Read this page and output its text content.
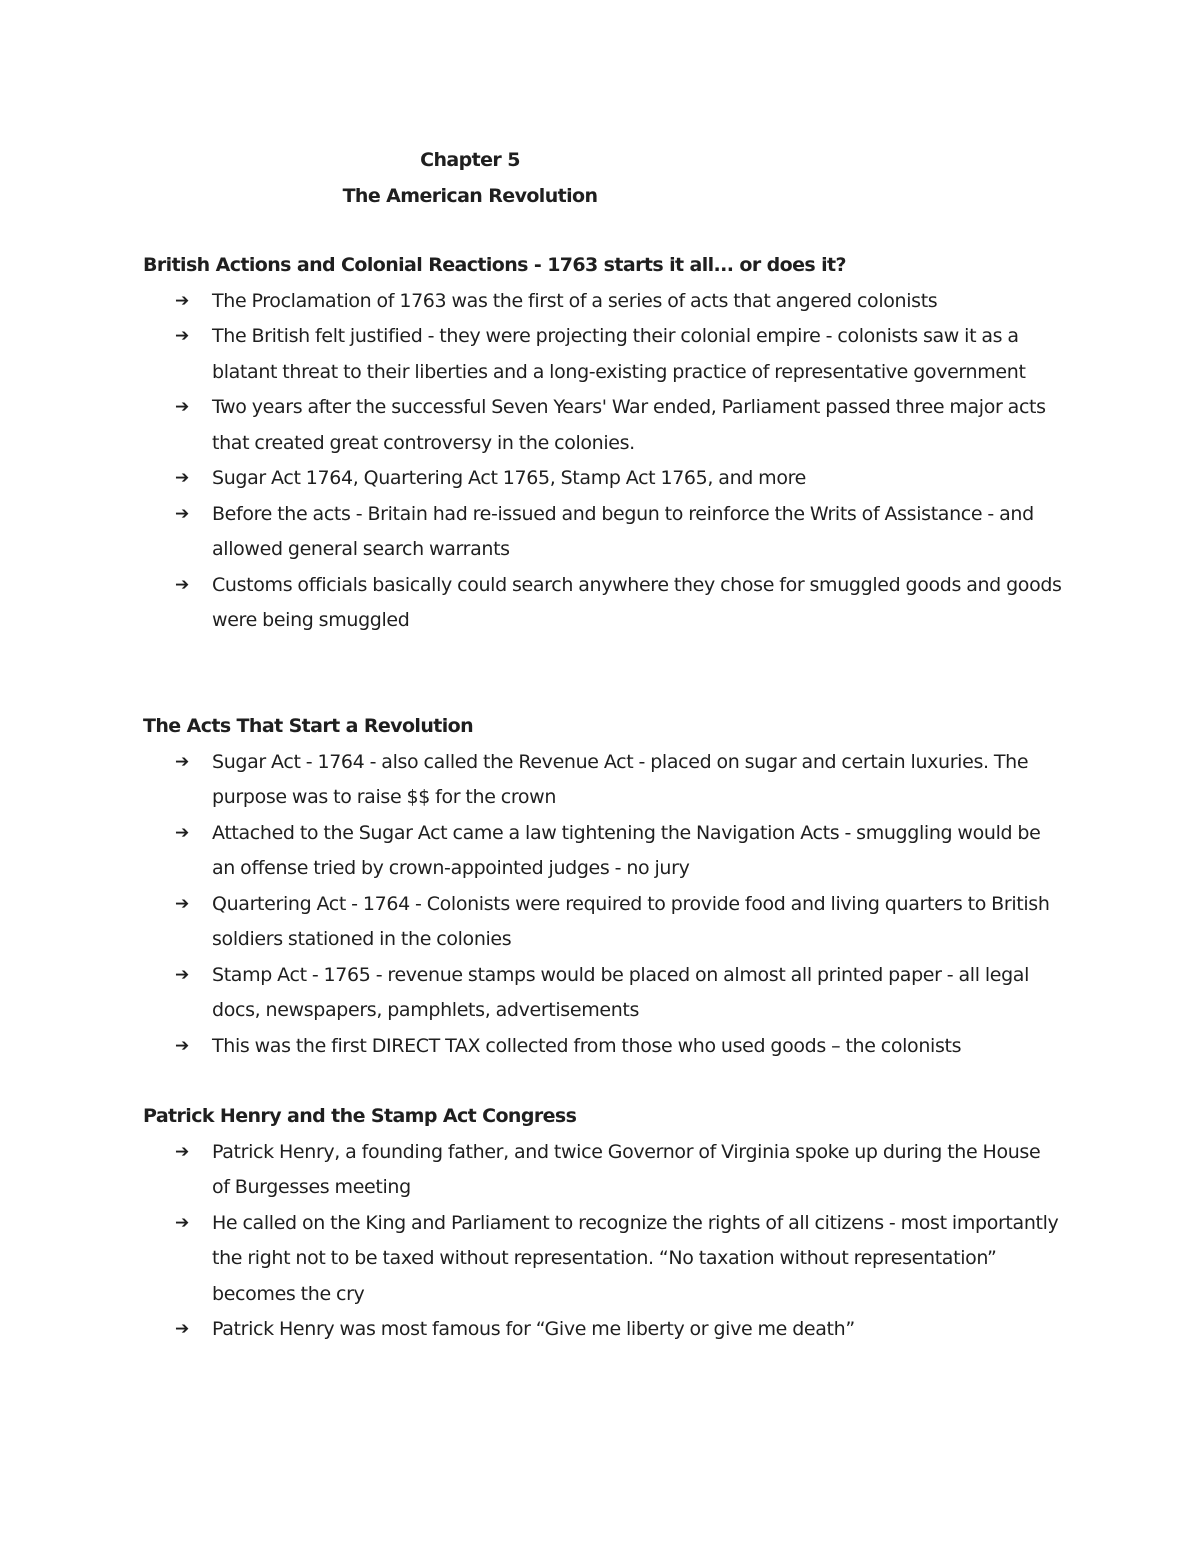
Chapter 5
The American Revolution
British Actions and Colonial Reactions - 1763 starts it all... or does it?
➔ The Proclamation of 1763 was the first of a series of acts that angered colonists
➔ The British felt justified - they were projecting their colonial empire - colonists saw it as a blatant threat to their liberties and a long-existing practice of representative government
➔ Two years after the successful Seven Years' War ended, Parliament passed three major acts that created great controversy in the colonies.
➔ Sugar Act 1764, Quartering Act 1765, Stamp Act 1765, and more
➔ Before the acts - Britain had re-issued and begun to reinforce the Writs of Assistance - and allowed general search warrants
➔ Customs officials basically could search anywhere they chose for smuggled goods and goods were being smuggled
The Acts That Start a Revolution
➔ Sugar Act - 1764 - also called the Revenue Act - placed on sugar and certain luxuries. The purpose was to raise $$ for the crown
➔ Attached to the Sugar Act came a law tightening the Navigation Acts - smuggling would be an offense tried by crown-appointed judges - no jury
➔ Quartering Act - 1764 - Colonists were required to provide food and living quarters to British soldiers stationed in the colonies
➔ Stamp Act - 1765 - revenue stamps would be placed on almost all printed paper - all legal docs, newspapers, pamphlets, advertisements
➔ This was the first DIRECT TAX collected from those who used goods – the colonists
Patrick Henry and the Stamp Act Congress
➔ Patrick Henry, a founding father, and twice Governor of Virginia spoke up during the House of Burgesses meeting
➔ He called on the King and Parliament to recognize the rights of all citizens - most importantly the right not to be taxed without representation. “No taxation without representation” becomes the cry
➔ Patrick Henry was most famous for “Give me liberty or give me death”
